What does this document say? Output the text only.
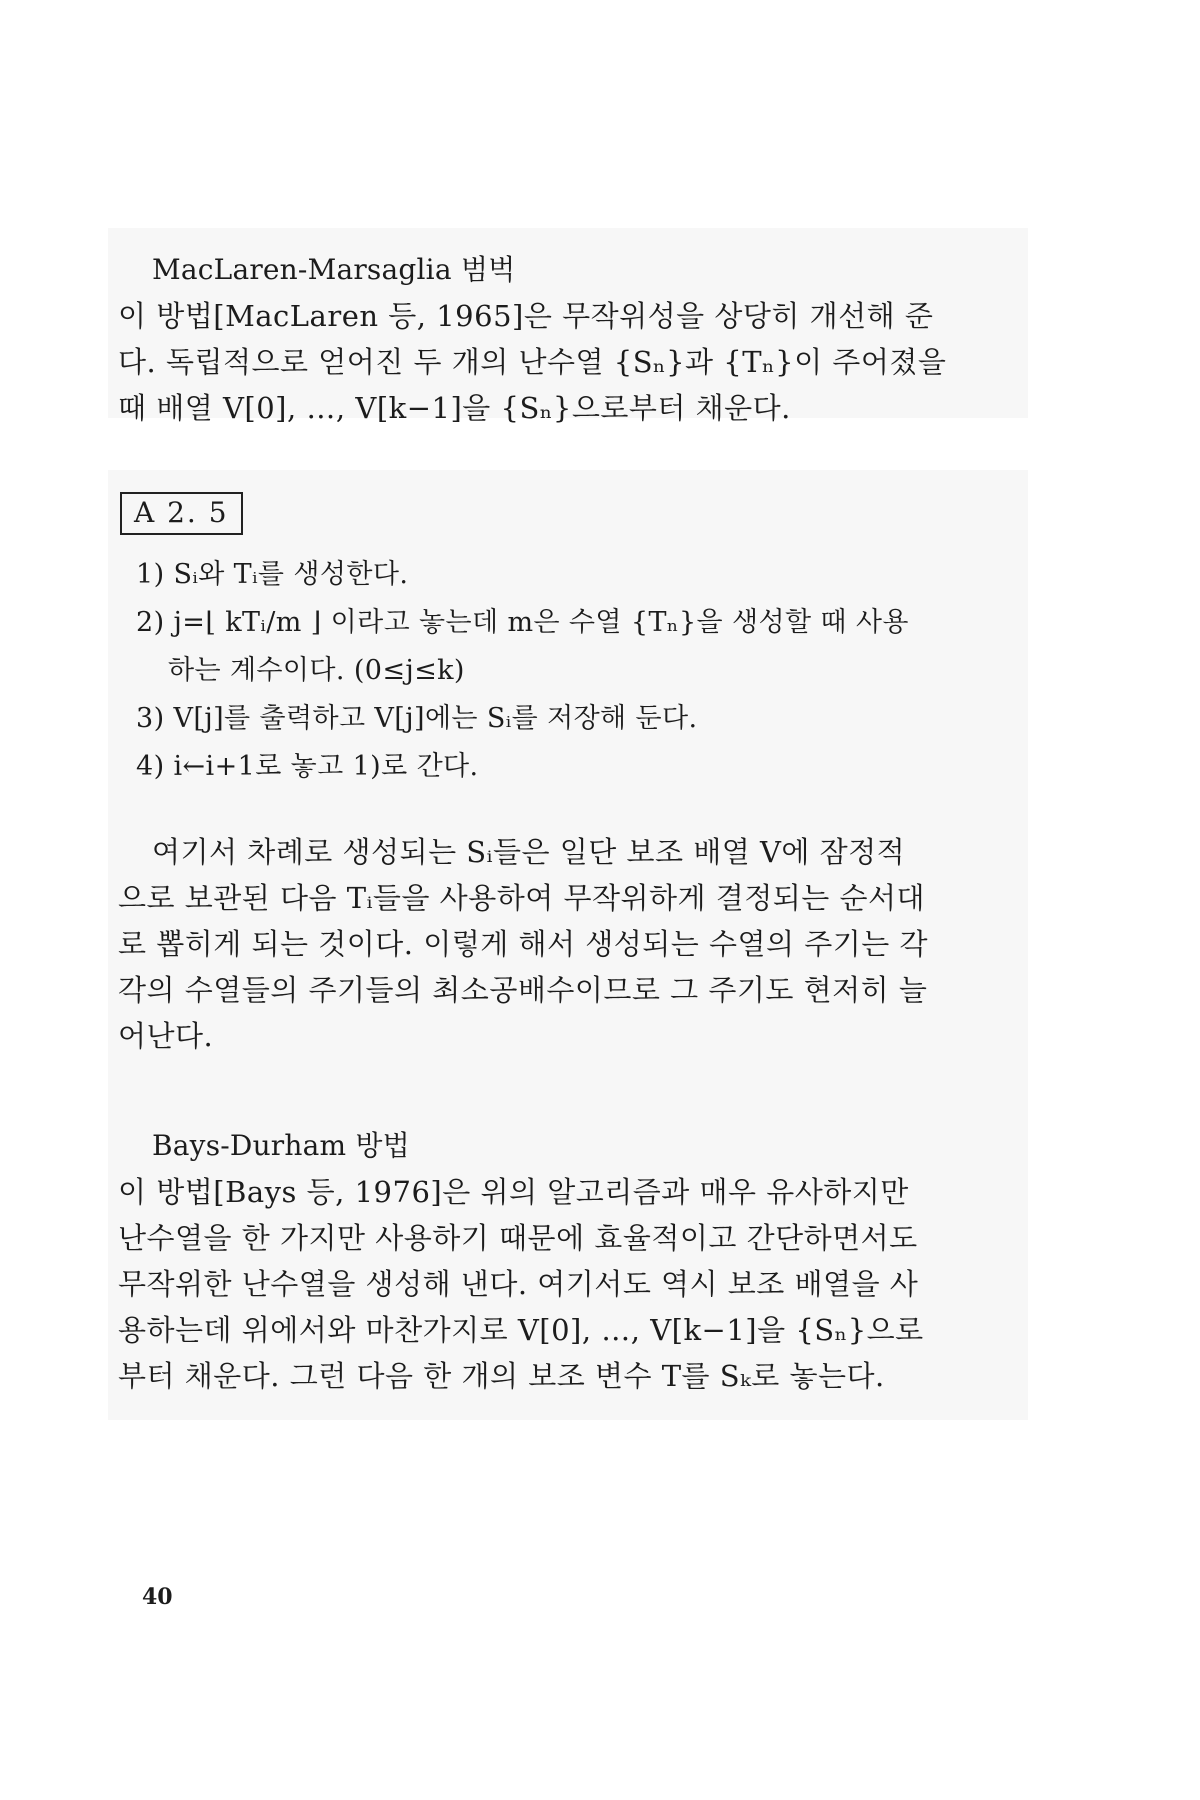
MacLaren-Marsaglia 범벅
이 방법[MacLaren 등, 1965]은 무작위성을 상당히 개선해 준
다. 독립적으로 얻어진 두 개의 난수열 {Sₙ}과 {Tₙ}이 주어졌을
때 배열 V[0], …, V[k−1]을 {Sₙ}으로부터 채운다.
A 2. 5
1) Sᵢ와 Tᵢ를 생성한다.
2) j=⌊ kTᵢ/m ⌋ 이라고 놓는데 m은 수열 {Tₙ}을 생성할 때 사용
하는 계수이다. (0≤j≤k)
3) V[j]를 출력하고 V[j]에는 Sᵢ를 저장해 둔다.
4) i←i+1로 놓고 1)로 간다.
여기서 차례로 생성되는 Sᵢ들은 일단 보조 배열 V에 잠정적
으로 보관된 다음 Tᵢ들을 사용하여 무작위하게 결정되는 순서대
로 뽑히게 되는 것이다. 이렇게 해서 생성되는 수열의 주기는 각
각의 수열들의 주기들의 최소공배수이므로 그 주기도 현저히 늘
어난다.
Bays-Durham 방법
이 방법[Bays 등, 1976]은 위의 알고리즘과 매우 유사하지만
난수열을 한 가지만 사용하기 때문에 효율적이고 간단하면서도
무작위한 난수열을 생성해 낸다. 여기서도 역시 보조 배열을 사
용하는데 위에서와 마찬가지로 V[0], …, V[k−1]을 {Sₙ}으로
부터 채운다. 그런 다음 한 개의 보조 변수 T를 Sₖ로 놓는다.
40
